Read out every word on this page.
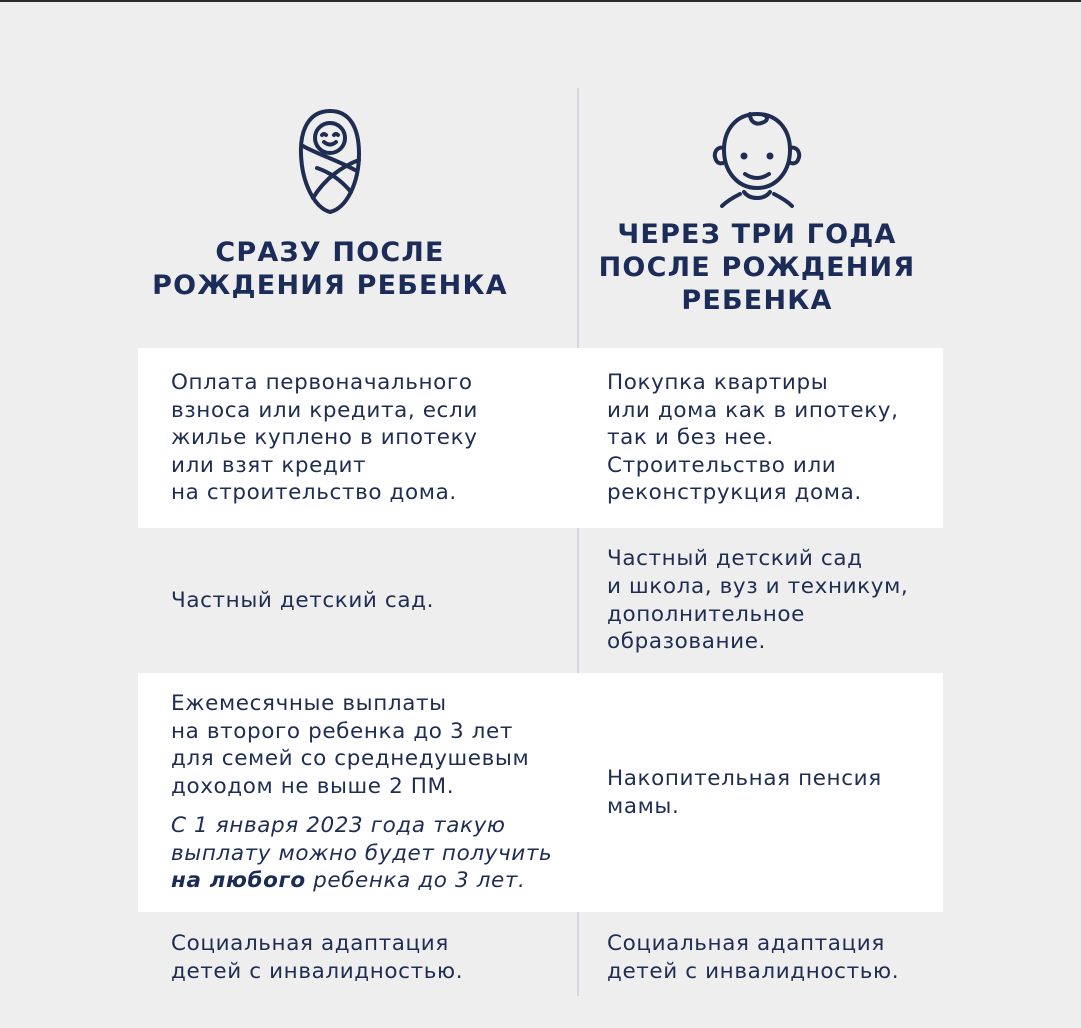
СРАЗУ ПОСЛЕ
РОЖДЕНИЯ РЕБЕНКА
ЧЕРЕЗ ТРИ ГОДА
ПОСЛЕ РОЖДЕНИЯ
РЕБЕНКА
Оплата первоначального
взноса или кредита, если
жилье куплено в ипотеку
или взят кредит
на строительство дома.
Покупка квартиры
или дома как в ипотеку,
так и без нее.
Строительство или
реконструкция дома.
Частный детский сад.
Частный детский сад
и школа, вуз и техникум,
дополнительное
образование.
Ежемесячные выплаты
на второго ребенка до 3 лет
для семей со среднедушевым
доходом не выше 2 ПМ.
С 1 января 2023 года такую
выплату можно будет получить
на любого ребенка до 3 лет.
Накопительная пенсия
мамы.
Социальная адаптация
детей с инвалидностью.
Социальная адаптация
детей с инвалидностью.
